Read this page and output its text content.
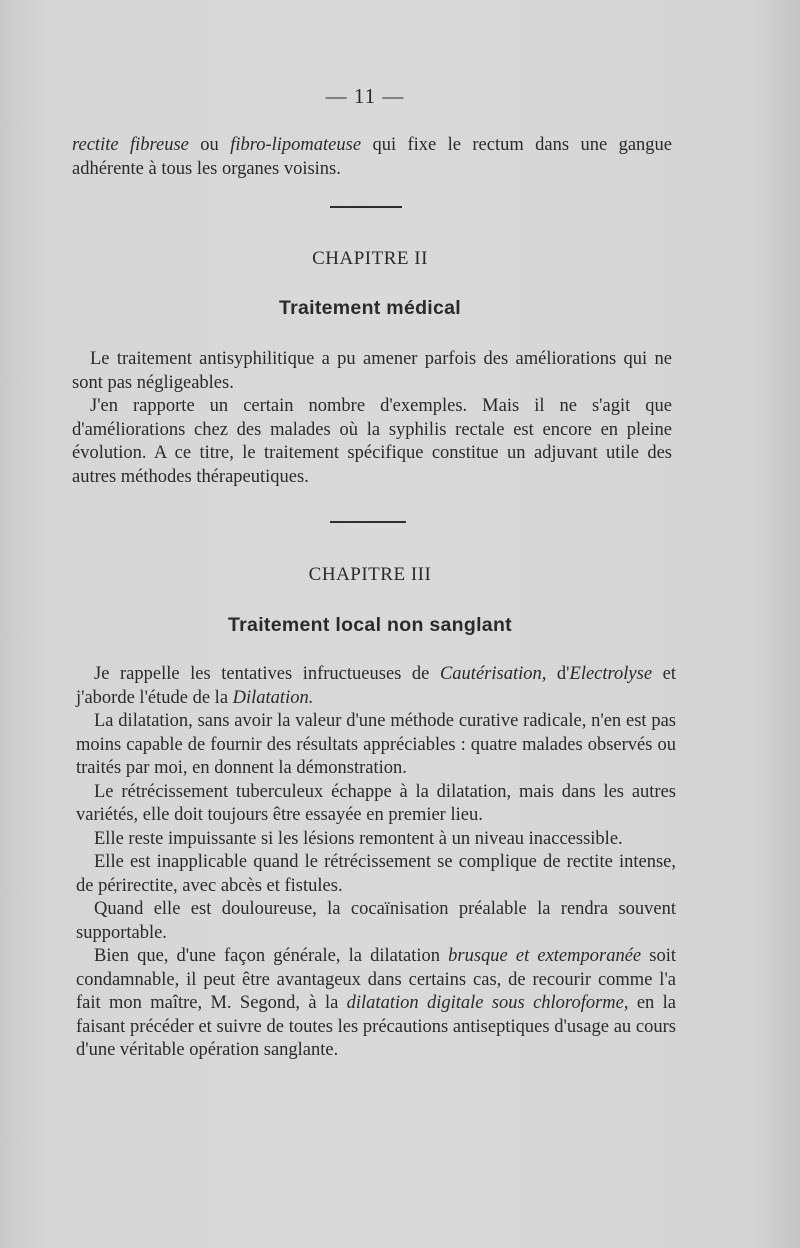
— 11 —

rectite fibreuse ou fibro-lipomateuse qui fixe le rectum dans une gangue adhérente à tous les organes voisins.

CHAPITRE II
Traitement médical

Le traitement antisyphilitique a pu amener parfois des améliorations qui ne sont pas négligeables.

J'en rapporte un certain nombre d'exemples. Mais il ne s'agit que d'améliorations chez des malades où la syphilis rectale est encore en pleine évolution. A ce titre, le traitement spécifique constitue un adjuvant utile des autres méthodes thérapeutiques.

CHAPITRE III
Traitement local non sanglant

Je rappelle les tentatives infructueuses de Cautérisation, d'Electrolyse et j'aborde l'étude de la Dilatation.

La dilatation, sans avoir la valeur d'une méthode curative radicale, n'en est pas moins capable de fournir des résultats appréciables : quatre malades observés ou traités par moi, en donnent la démonstration.

Le rétrécissement tuberculeux échappe à la dilatation, mais dans les autres variétés, elle doit toujours être essayée en premier lieu.

Elle reste impuissante si les lésions remontent à un niveau inaccessible.

Elle est inapplicable quand le rétrécissement se complique de rectite intense, de périrectite, avec abcès et fistules.

Quand elle est douloureuse, la cocaïnisation préalable la rendra souvent supportable.

Bien que, d'une façon générale, la dilatation brusque et extemporanée soit condamnable, il peut être avantageux dans certains cas, de recourir comme l'a fait mon maître, M. Segond, à la dilatation digitale sous chloroforme, en la faisant précéder et suivre de toutes les précautions antiseptiques d'usage au cours d'une véritable opération sanglante.
